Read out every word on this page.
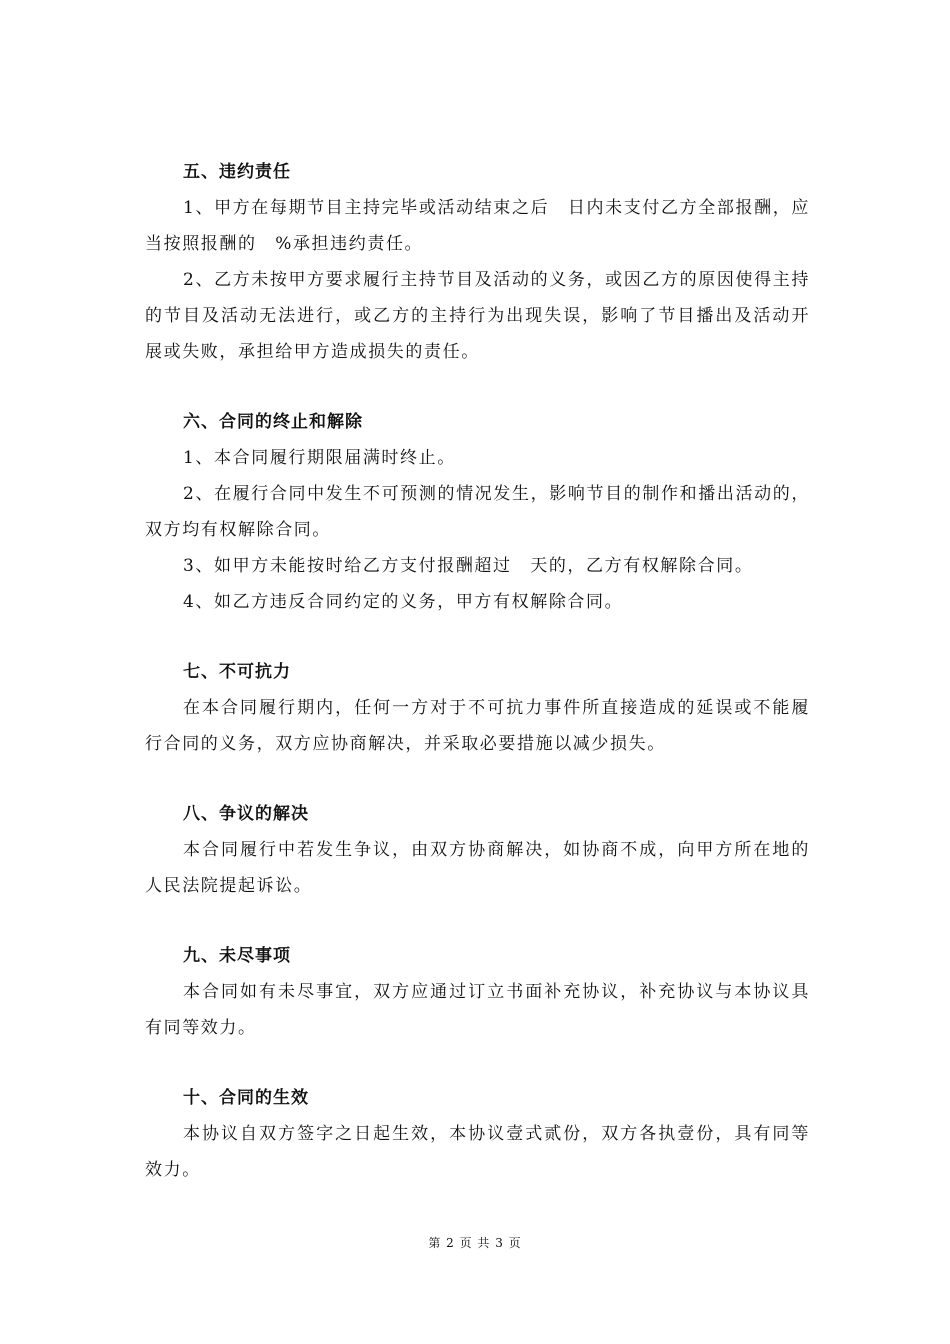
五、违约责任

1、甲方在每期节目主持完毕或活动结束之后　日内未支付乙方全部报酬，应当按照报酬的　%承担违约责任。

2、乙方未按甲方要求履行主持节目及活动的义务，或因乙方的原因使得主持的节目及活动无法进行，或乙方的主持行为出现失误，影响了节目播出及活动开展或失败，承担给甲方造成损失的责任。

六、合同的终止和解除

1、本合同履行期限届满时终止。

2、在履行合同中发生不可预测的情况发生，影响节目的制作和播出活动的，双方均有权解除合同。

3、如甲方未能按时给乙方支付报酬超过　天的，乙方有权解除合同。

4、如乙方违反合同约定的义务，甲方有权解除合同。

七、不可抗力

在本合同履行期内，任何一方对于不可抗力事件所直接造成的延误或不能履行合同的义务，双方应协商解决，并采取必要措施以减少损失。

八、争议的解决

本合同履行中若发生争议，由双方协商解决，如协商不成，向甲方所在地的人民法院提起诉讼。

九、未尽事项

本合同如有未尽事宜，双方应通过订立书面补充协议，补充协议与本协议具有同等效力。

十、合同的生效

本协议自双方签字之日起生效，本协议壹式贰份，双方各执壹份，具有同等效力。

第 2 页 共 3 页
